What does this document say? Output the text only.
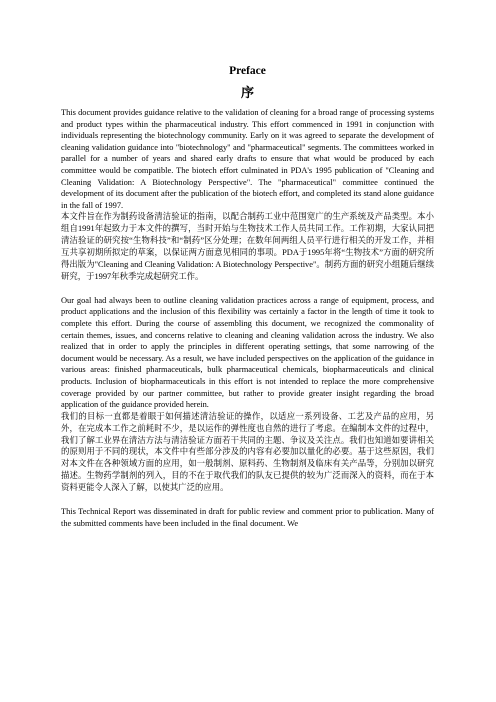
Preface
序

This document provides guidance relative to the validation of cleaning for a broad range of processing systems and product types within the pharmaceutical industry. This effort commenced in 1991 in conjunction with individuals representing the biotechnology community. Early on it was agreed to separate the development of cleaning validation guidance into "biotechnology" and "pharmaceutical" segments. The committees worked in parallel for a number of years and shared early drafts to ensure that what would be produced by each committee would be compatible. The biotech effort culminated in PDA's 1995 publication of "Cleaning and Cleaning Validation: A Biotechnology Perspective". The "pharmaceutical" committee continued the development of its document after the publication of the biotech effort, and completed its stand alone guidance in the fall of 1997.

本文件旨在作为制药设备清洁验证的指南，以配合制药工业中范围宽广的生产系统及产品类型。本小组自1991年起致力于本文件的撰写，当时开始与生物技术工作人员共同工作。工作初期，大家认同把清洁验证的研究按“生物科技”和“制药”区分处理；在数年间两组人员平行进行相关的开发工作，并相互共享初期所拟定的草案，以保证两方面意见相同的事项。PDA于1995年将“生物技术”方面的研究所得出版为"Cleaning and Cleaning Validation: A Biotechnology Perspective"。制药方面的研究小组随后继续研究，于1997年秋季完成起研究工作。

Our goal had always been to outline cleaning validation practices across a range of equipment, process, and product applications and the inclusion of this flexibility was certainly a factor in the length of time it took to complete this effort. During the course of assembling this document, we recognized the commonality of certain themes, issues, and concerns relative to cleaning and cleaning validation across the industry. We also realized that in order to apply the principles in different operating settings, that some narrowing of the document would be necessary. As a result, we have included perspectives on the application of the guidance in various areas: finished pharmaceuticals, bulk pharmaceutical chemicals, biopharmaceuticals and clinical products. Inclusion of biopharmaceuticals in this effort is not intended to replace the more comprehensive coverage provided by our partner committee, but rather to provide greater insight regarding the broad application of the guidance provided herein.

我们的目标一直都是着眼于如何描述清洁验证的操作，以适应一系列设备、工艺及产品的应用，另外，在完成本工作之前耗时不少，是以运作的弹性度也自然的进行了考虑。在编制本文件的过程中，我们了解工业界在清洁方法与清洁验证方面若干共同的主题、争议及关注点。我们也知道如要讲相关的原则用于不同的现状，本文件中有些部分涉及的内容有必要加以量化的必要。基于这些原因，我们对本文件在各种领域方面的应用，如一般制剂、原料药、生物制剂及临床有关产品等，分别加以研究描述。生物药学制剂的列入，目的不在于取代我们的队友已提供的较为广泛而深入的资料，而在于本资料更能令人深入了解，以使其广泛的应用。

This Technical Report was disseminated in draft for public review and comment prior to publication. Many of the submitted comments have been included in the final document. We
